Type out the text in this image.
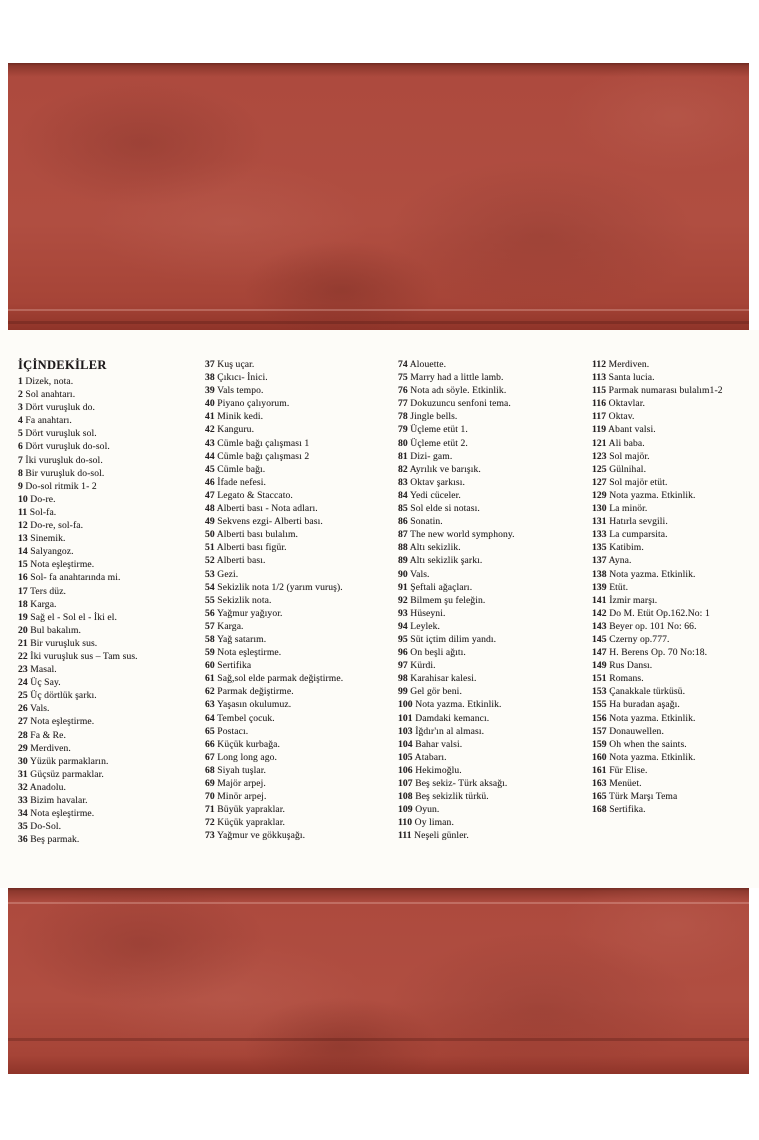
İÇİNDEKİLER
1 Dizek, nota.
2 Sol anahtarı.
3 Dört vuruşluk do.
4 Fa anahtarı.
5 Dört vuruşluk sol.
6 Dört vuruşluk do-sol.
7 İki vuruşluk do-sol.
8 Bir vuruşluk do-sol.
9 Do-sol ritmik 1- 2
10 Do-re.
11 Sol-fa.
12 Do-re, sol-fa.
13 Sinemik.
14 Salyangoz.
15 Nota eşleştirme.
16 Sol- fa anahtarında mi.
17 Ters düz.
18 Karga.
19 Sağ el - Sol el - İki el.
20 Bul bakalım.
21 Bir vuruşluk sus.
22 İki vuruşluk sus – Tam sus.
23 Masal.
24 Üç Say.
25 Üç dörtlük şarkı.
26 Vals.
27 Nota eşleştirme.
28 Fa & Re.
29 Merdiven.
30 Yüzük parmakların.
31 Güçsüz parmaklar.
32 Anadolu.
33 Bizim havalar.
34 Nota eşleştirme.
35 Do-Sol.
36 Beş parmak.
37 Kuş uçar.
38 Çıkıcı- İnici.
39 Vals tempo.
40 Piyano çalıyorum.
41 Minik kedi.
42 Kanguru.
43 Cümle bağı çalışması 1
44 Cümle bağı çalışması 2
45 Cümle bağı.
46 İfade nefesi.
47 Legato & Staccato.
48 Alberti bası - Nota adları.
49 Sekvens ezgi- Alberti bası.
50 Alberti bası bulalım.
51 Alberti bası figür.
52 Alberti bası.
53 Gezi.
54 Sekizlik nota 1/2 (yarım vuruş).
55 Sekizlik nota.
56 Yağmur yağıyor.
57 Karga.
58 Yağ satarım.
59 Nota eşleştirme.
60 Sertifika
61 Sağ,sol elde parmak değiştirme.
62 Parmak değiştirme.
63 Yaşasın okulumuz.
64 Tembel çocuk.
65 Postacı.
66 Küçük kurbağa.
67 Long long ago.
68 Siyah tuşlar.
69 Majör arpej.
70 Minör arpej.
71 Büyük yapraklar.
72 Küçük yapraklar.
73 Yağmur ve gökkuşağı.
74 Alouette.
75 Marry had a little lamb.
76 Nota adı söyle. Etkinlik.
77 Dokuzuncu senfoni tema.
78 Jingle bells.
79 Üçleme etüt 1.
80 Üçleme etüt 2.
81 Dizi- gam.
82 Ayrılık ve barışık.
83 Oktav şarkısı.
84 Yedi cüceler.
85 Sol elde si notası.
86 Sonatin.
87 The new world symphony.
88 Altı sekizlik.
89 Altı sekizlik şarkı.
90 Vals.
91 Şeftali ağaçları.
92 Bilmem şu feleğin.
93 Hüseyni.
94 Leylek.
95 Süt içtim dilim yandı.
96 On beşli ağıtı.
97 Kürdi.
98 Karahisar kalesi.
99 Gel gör beni.
100 Nota yazma. Etkinlik.
101 Damdaki kemancı.
103 İğdır'ın al alması.
104 Bahar valsi.
105 Atabarı.
106 Hekimoğlu.
107 Beş sekiz- Türk aksağı.
108 Beş sekizlik türkü.
109 Oyun.
110 Oy liman.
111 Neşeli günler.
112 Merdiven.
113 Santa lucia.
115 Parmak numarası bulalım1-2
116 Oktavlar.
117 Oktav.
119 Abant valsi.
121 Ali baba.
123 Sol majör.
125 Gülnihal.
127 Sol majör etüt.
129 Nota yazma. Etkinlik.
130 La minör.
131 Hatırla sevgili.
133 La cumparsita.
135 Katibim.
137 Ayna.
138 Nota yazma. Etkinlik.
139 Etüt.
141 İzmir marşı.
142 Do M. Etüt Op.162.No: 1
143 Beyer op. 101 No: 66.
145 Czerny op.777.
147 H. Berens Op. 70 No:18.
149 Rus Dansı.
151 Romans.
153 Çanakkale türküsü.
155 Ha buradan aşağı.
156 Nota yazma. Etkinlik.
157 Donauwellen.
159 Oh when the saints.
160 Nota yazma. Etkinlik.
161 Für Elise.
163 Menüet.
165 Türk Marşı Tema
168 Sertifika.
